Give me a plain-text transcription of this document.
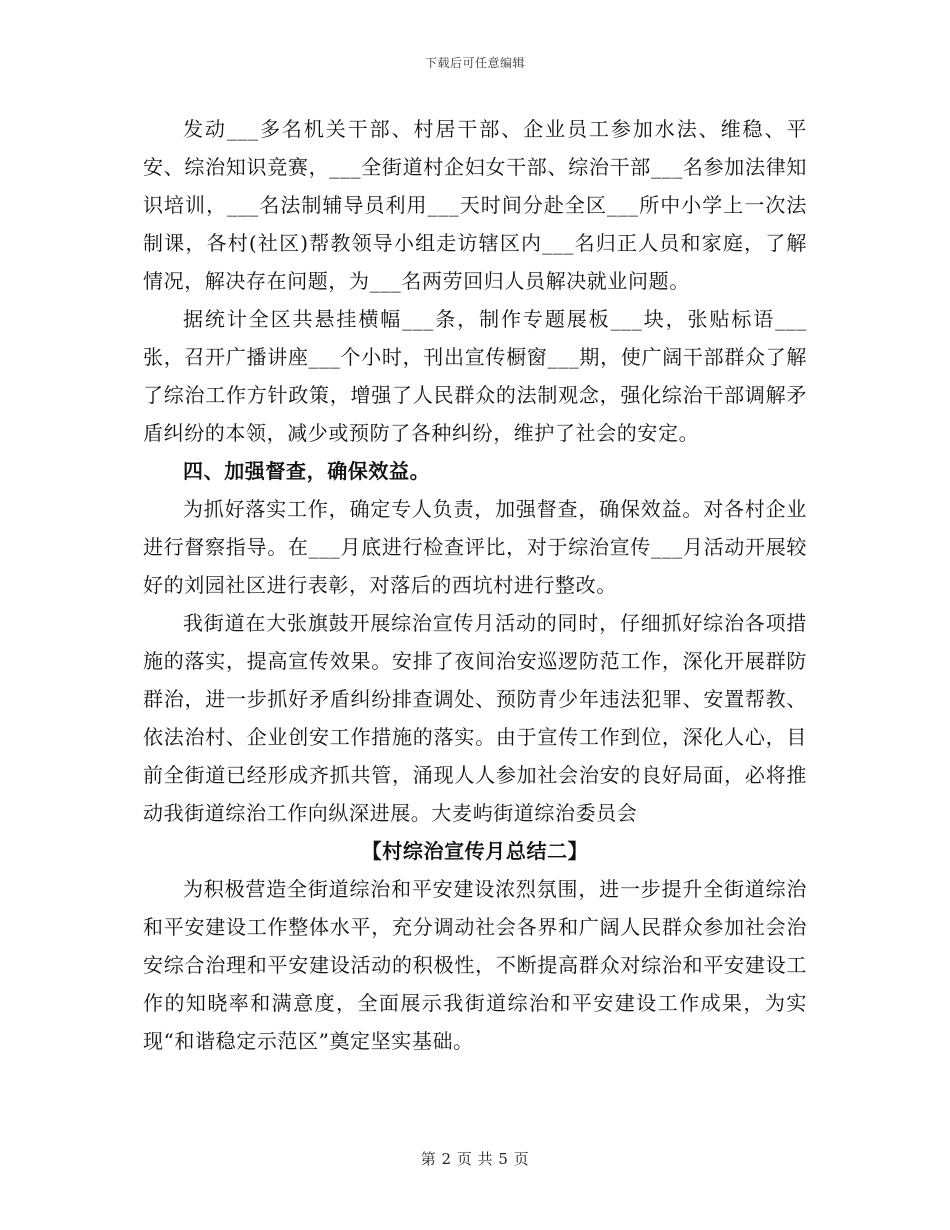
下载后可任意编辑

发动___多名机关干部、村居干部、企业员工参加水法、维稳、平安、综治知识竞赛，___全街道村企妇女干部、综治干部___名参加法律知识培训，___名法制辅导员利用___天时间分赴全区___所中小学上一次法制课，各村(社区)帮教领导小组走访辖区内___名归正人员和家庭，了解情况，解决存在问题，为___名两劳回归人员解决就业问题。

据统计全区共悬挂横幅___条，制作专题展板___块，张贴标语___张，召开广播讲座___个小时，刊出宣传橱窗___期，使广阔干部群众了解了综治工作方针政策，增强了人民群众的法制观念，强化综治干部调解矛盾纠纷的本领，减少或预防了各种纠纷，维护了社会的安定。

四、加强督查，确保效益。

为抓好落实工作，确定专人负责，加强督查，确保效益。对各村企业进行督察指导。在___月底进行检查评比，对于综治宣传___月活动开展较好的刘园社区进行表彰，对落后的西坑村进行整改。

我街道在大张旗鼓开展综治宣传月活动的同时，仔细抓好综治各项措施的落实，提高宣传效果。安排了夜间治安巡逻防范工作，深化开展群防群治，进一步抓好矛盾纠纷排查调处、预防青少年违法犯罪、安置帮教、依法治村、企业创安工作措施的落实。由于宣传工作到位，深化人心，目前全街道已经形成齐抓共管，涌现人人参加社会治安的良好局面，必将推动我街道综治工作向纵深进展。大麦屿街道综治委员会

【村综治宣传月总结二】

为积极营造全街道综治和平安建设浓烈氛围，进一步提升全街道综治和平安建设工作整体水平，充分调动社会各界和广阔人民群众参加社会治安综合治理和平安建设活动的积极性，不断提高群众对综治和平安建设工作的知晓率和满意度，全面展示我街道综治和平安建设工作成果，为实现“和谐稳定示范区”奠定坚实基础。

第 2 页 共 5 页
